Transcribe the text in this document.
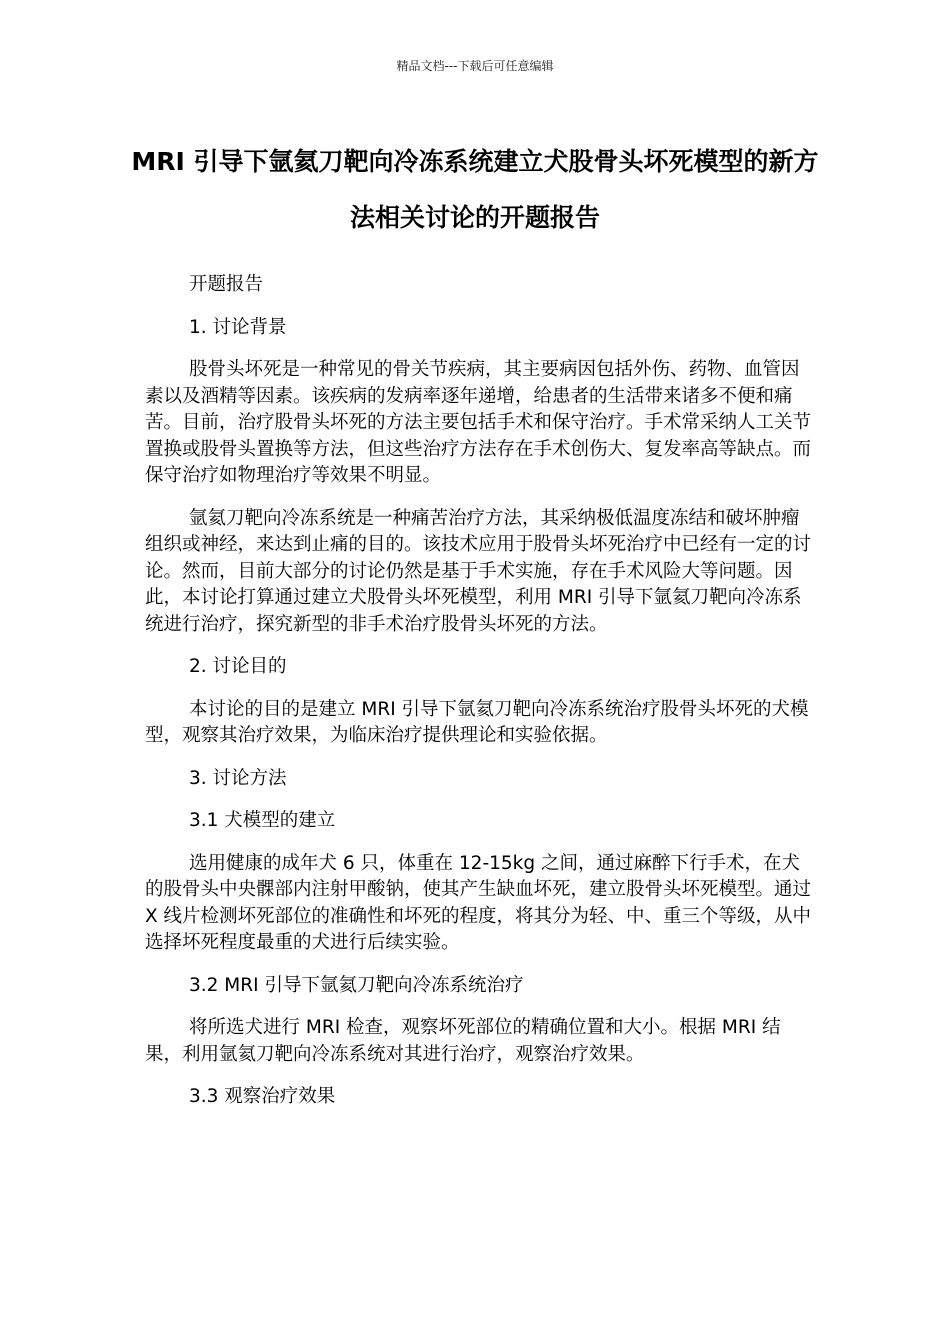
精品文档---下载后可任意编辑
MRI 引导下氩氦刀靶向冷冻系统建立犬股骨头坏死模型的新方法相关讨论的开题报告

开题报告

1. 讨论背景

股骨头坏死是一种常见的骨关节疾病，其主要病因包括外伤、药物、血管因素以及酒精等因素。该疾病的发病率逐年递增，给患者的生活带来诸多不便和痛苦。目前，治疗股骨头坏死的方法主要包括手术和保守治疗。手术常采纳人工关节置换或股骨头置换等方法，但这些治疗方法存在手术创伤大、复发率高等缺点。而保守治疗如物理治疗等效果不明显。

氩氦刀靶向冷冻系统是一种痛苦治疗方法，其采纳极低温度冻结和破坏肿瘤组织或神经，来达到止痛的目的。该技术应用于股骨头坏死治疗中已经有一定的讨论。然而，目前大部分的讨论仍然是基于手术实施，存在手术风险大等问题。因此，本讨论打算通过建立犬股骨头坏死模型，利用 MRI 引导下氩氦刀靶向冷冻系统进行治疗，探究新型的非手术治疗股骨头坏死的方法。

2. 讨论目的

本讨论的目的是建立 MRI 引导下氩氦刀靶向冷冻系统治疗股骨头坏死的犬模型，观察其治疗效果，为临床治疗提供理论和实验依据。

3. 讨论方法

3.1 犬模型的建立

选用健康的成年犬 6 只，体重在 12-15kg 之间，通过麻醉下行手术，在犬的股骨头中央髁部内注射甲酸钠，使其产生缺血坏死，建立股骨头坏死模型。通过 X 线片检测坏死部位的准确性和坏死的程度，将其分为轻、中、重三个等级，从中选择坏死程度最重的犬进行后续实验。

3.2 MRI 引导下氩氦刀靶向冷冻系统治疗

将所选犬进行 MRI 检查，观察坏死部位的精确位置和大小。根据 MRI 结果，利用氩氦刀靶向冷冻系统对其进行治疗，观察治疗效果。

3.3 观察治疗效果
